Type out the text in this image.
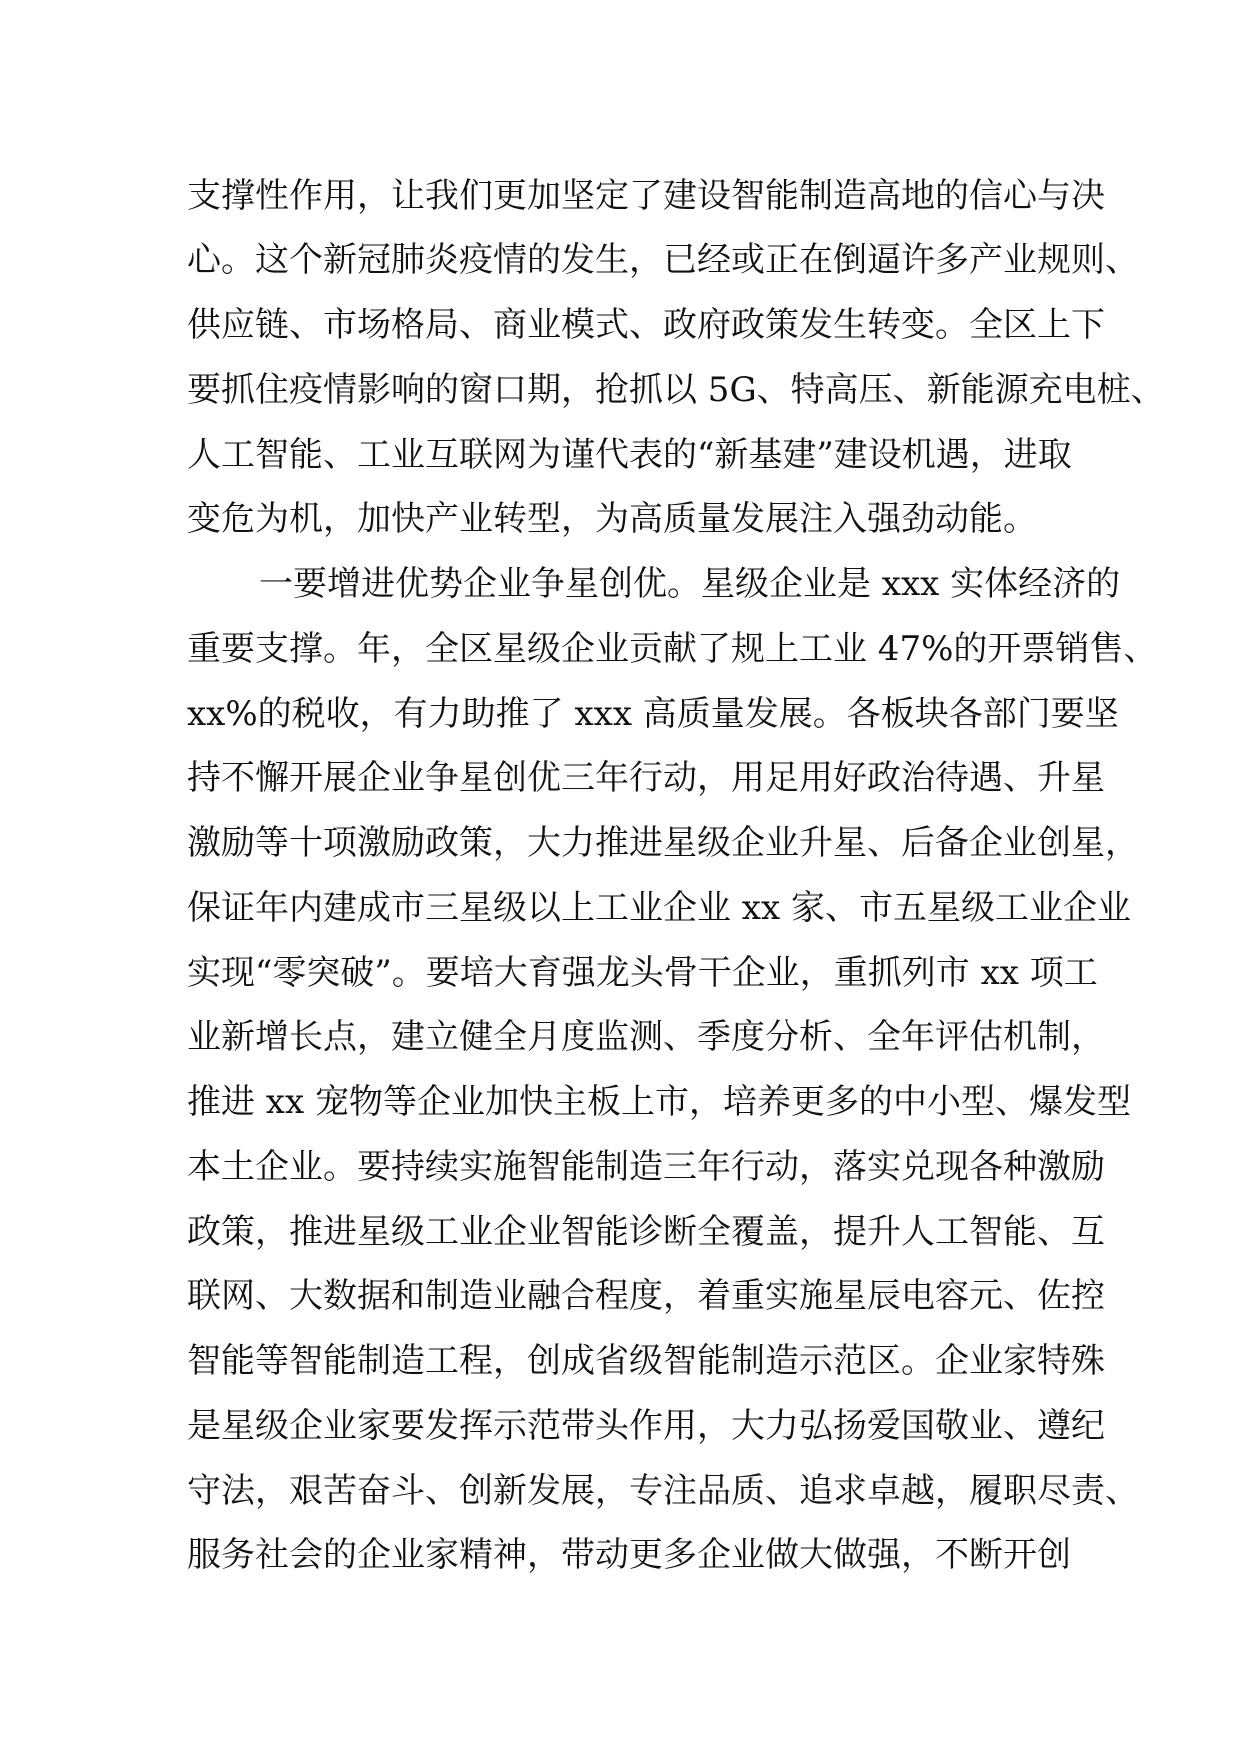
支撑性作用，让我们更加坚定了建设智能制造高地的信心与决
心。这个新冠肺炎疫情的发生，已经或正在倒逼许多产业规则、
供应链、市场格局、商业模式、政府政策发生转变。全区上下
要抓住疫情影响的窗口期，抢抓以 5G、特高压、新能源充电桩、
人工智能、工业互联网为谨代表的“新基建”建设机遇，进取
变危为机，加快产业转型，为高质量发展注入强劲动能。
一要增进优势企业争星创优。星级企业是 xxx 实体经济的
重要支撑。年，全区星级企业贡献了规上工业 47%的开票销售、
xx%的税收，有力助推了 xxx 高质量发展。各板块各部门要坚
持不懈开展企业争星创优三年行动，用足用好政治待遇、升星
激励等十项激励政策，大力推进星级企业升星、后备企业创星，
保证年内建成市三星级以上工业企业 xx 家、市五星级工业企业
实现“零突破”。要培大育强龙头骨干企业，重抓列市 xx 项工
业新增长点，建立健全月度监测、季度分析、全年评估机制，
推进 xx 宠物等企业加快主板上市，培养更多的中小型、爆发型
本土企业。要持续实施智能制造三年行动，落实兑现各种激励
政策，推进星级工业企业智能诊断全覆盖，提升人工智能、互
联网、大数据和制造业融合程度，着重实施星辰电容元、佐控
智能等智能制造工程，创成省级智能制造示范区。企业家特殊
是星级企业家要发挥示范带头作用，大力弘扬爱国敬业、遵纪
守法，艰苦奋斗、创新发展，专注品质、追求卓越，履职尽责、
服务社会的企业家精神，带动更多企业做大做强，不断开创
